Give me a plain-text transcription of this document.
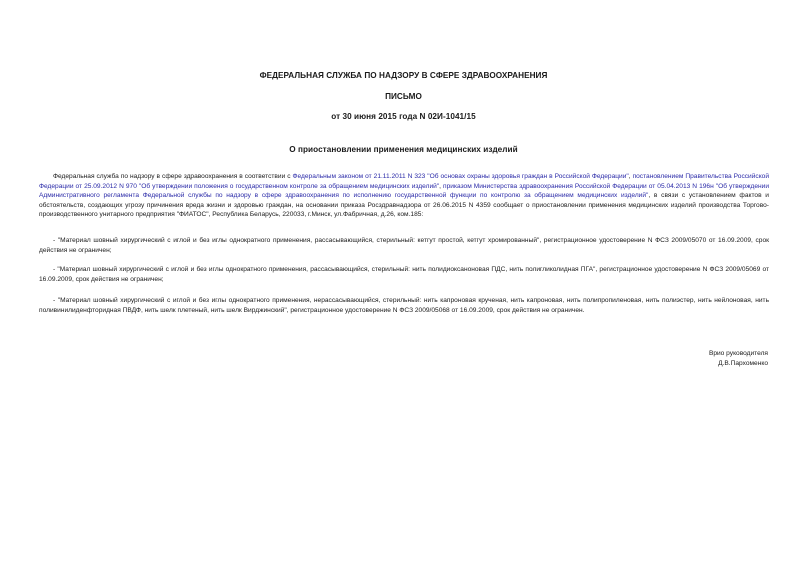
ФЕДЕРАЛЬНАЯ СЛУЖБА ПО НАДЗОРУ В СФЕРЕ ЗДРАВООХРАНЕНИЯ
ПИСЬМО
от 30 июня 2015 года N 02И-1041/15
О приостановлении применения медицинских изделий
Федеральная служба по надзору в сфере здравоохранения в соответствии с Федеральным законом от 21.11.2011 N 323 "Об основах охраны здоровья граждан в Российской Федерации", постановлением Правительства Российской Федерации от 25.09.2012 N 970 "Об утверждении положения о государственном контроле за обращением медицинских изделий", приказом Министерства здравоохранения Российской Федерации от 05.04.2013 N 196н "Об утверждении Административного регламента Федеральной службы по надзору в сфере здравоохранения по исполнению государственной функции по контролю за обращением медицинских изделий", в связи с установлением фактов и обстоятельств, создающих угрозу причинения вреда жизни и здоровью граждан, на основании приказа Росздравнадзора от 26.06.2015 N 4359 сообщает о приостановлении применения медицинских изделий производства Торгово-производственного унитарного предприятия "ФИАТОС", Республика Беларусь, 220033, г.Минск, ул.Фабричная, д.26, ком.185:
- "Материал шовный хирургический с иглой и без иглы однократного применения, рассасывающийся, стерильный: кетгут простой, кетгут хромированный", регистрационное удостоверение N ФСЗ 2009/05070 от 16.09.2009, срок действия не ограничен;
- "Материал шовный хирургический с иглой и без иглы однократного применения, рассасывающийся, стерильный: нить полидиоксаноновая ПДС, нить полигликолидная ПГА", регистрационное удостоверение N ФСЗ 2009/05069 от 16.09.2009, срок действия не ограничен;
- "Материал шовный хирургический с иглой и без иглы однократного применения, нерассасывающийся, стерильный: нить капроновая крученая, нить капроновая, нить полипропиленовая, нить полиэстер, нить нейлоновая, нить поливинилиденфторидная ПВДФ, нить шелк плетеный, нить шелк Вирджинский", регистрационное удостоверение N ФСЗ 2009/05068 от 16.09.2009, срок действия не ограничен.
Врио руководителя
Д.В.Пархоменко
